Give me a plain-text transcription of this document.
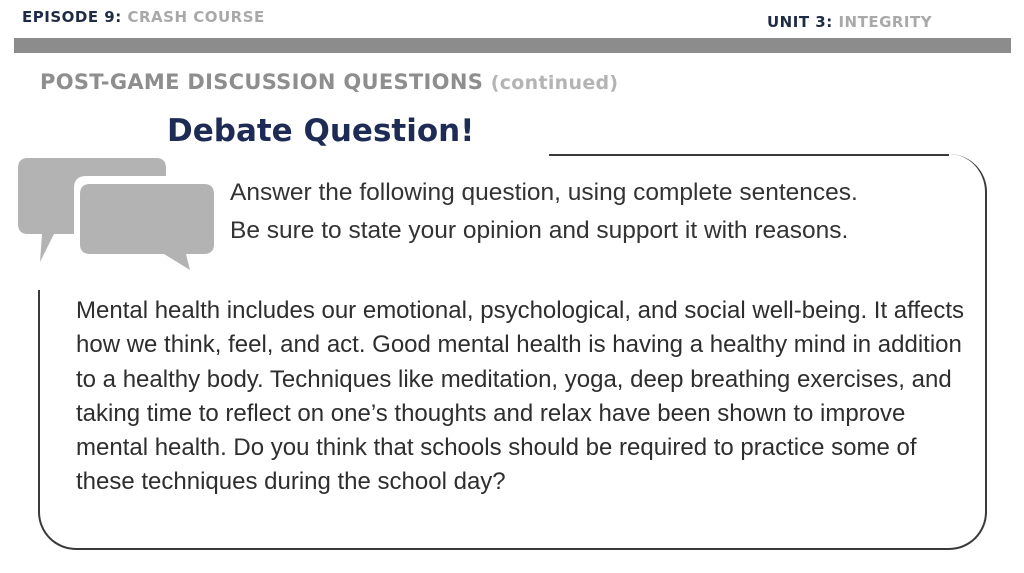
EPISODE 9: CRASH COURSE	UNIT 3: INTEGRITY
POST-GAME DISCUSSION QUESTIONS (continued)
Debate Question!
Answer the following question, using complete sentences. Be sure to state your opinion and support it with reasons.
Mental health includes our emotional, psychological, and social well-being. It affects how we think, feel, and act. Good mental health is having a healthy mind in addition to a healthy body. Techniques like meditation, yoga, deep breathing exercises, and taking time to reflect on one’s thoughts and relax have been shown to improve mental health. Do you think that schools should be required to practice some of these techniques during the school day?
